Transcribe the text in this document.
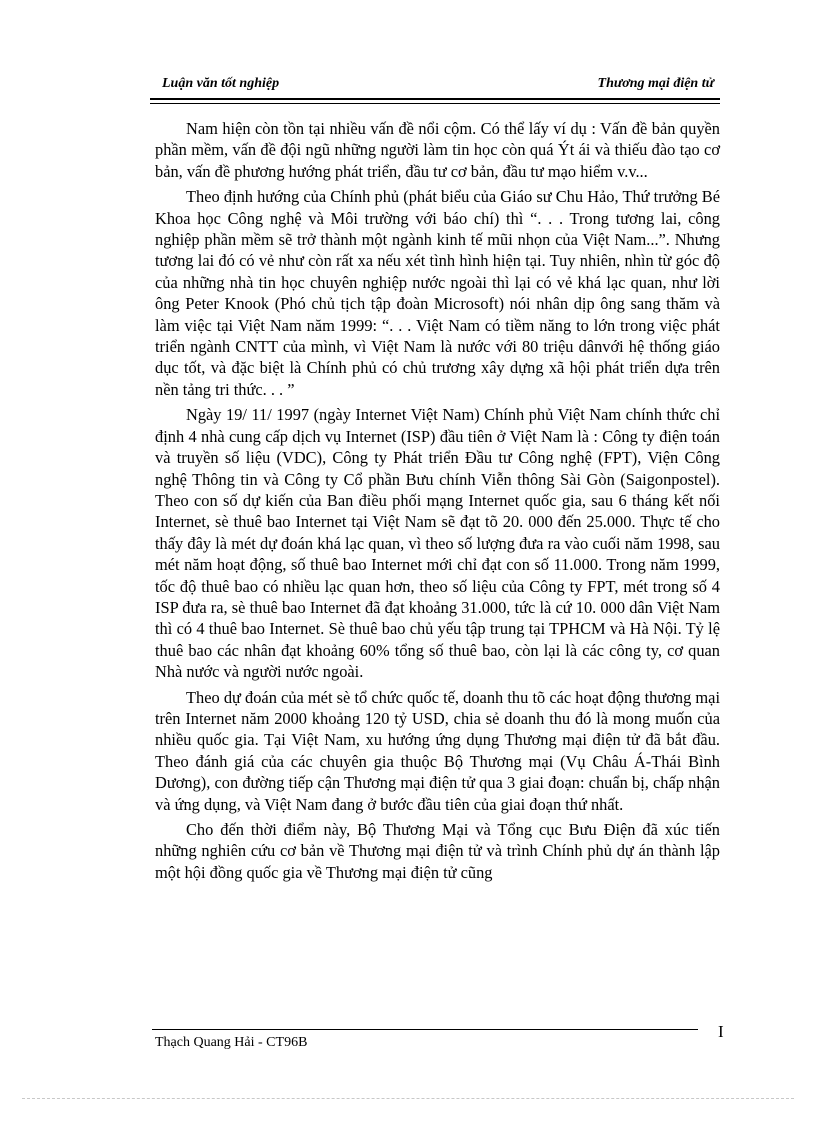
Luận văn tốt nghiệp	Thương mại điện tử

Nam hiện còn tồn tại nhiều vấn đề nổi cộm. Có thể lấy ví dụ : Vấn đề bản quyền phần mềm, vấn đề đội ngũ những người làm tin học còn quá Ýt ái và thiếu đào tạo cơ bản, vấn đề phương hướng phát triển, đầu tư cơ bản, đầu tư mạo hiểm v.v...

Theo định hướng của Chính phủ (phát biểu của Giáo sư Chu Hảo, Thứ trưởng Bé Khoa học Công nghệ và Môi trường với báo chí) thì “. . . Trong tương lai, công nghiệp phần mềm sẽ trở thành một ngành kinh tế mũi nhọn của Việt Nam...”. Nhưng tương lai đó có vẻ như còn rất xa nếu xét tình hình hiện tại. Tuy nhiên, nhìn từ góc độ của những nhà tin học chuyên nghiệp nước ngoài thì lại có vẻ khá lạc quan, như lời ông Peter Knook (Phó chủ tịch tập đoàn Microsoft) nói nhân dịp ông sang thăm và làm việc tại Việt Nam năm 1999: “. . . Việt Nam có tiềm năng to lớn trong việc phát triển ngành CNTT của mình, vì Việt Nam là nước với 80 triệu dânvới hệ thống giáo dục tốt, và đặc biệt là Chính phủ có chủ trương xây dựng xã hội phát triển dựa trên nền tảng tri thức. . . ”

Ngày 19/ 11/ 1997 (ngày Internet Việt Nam) Chính phủ Việt Nam chính thức chỉ định 4 nhà cung cấp dịch vụ Internet (ISP) đầu tiên ở Việt Nam là : Công ty điện toán và truyền số liệu (VDC), Công ty Phát triển Đầu tư Công nghệ (FPT), Viện Công nghệ Thông tin và Công ty Cổ phần Bưu chính Viễn thông Sài Gòn (Saigonpostel). Theo con số dự kiến của Ban điều phối mạng Internet quốc gia, sau 6 tháng kết nối Internet, sè thuê bao Internet tại Việt Nam sẽ đạt tõ 20. 000 đến 25.000. Thực tế cho thấy đây là mét dự đoán khá lạc quan, vì theo số lượng đưa ra vào cuối năm 1998, sau mét năm hoạt động, số thuê bao Internet mới chỉ đạt con số 11.000. Trong năm 1999, tốc độ thuê bao có nhiều lạc quan hơn, theo số liệu của Công ty FPT, mét trong số 4 ISP đưa ra, sè thuê bao Internet đã đạt khoảng 31.000, tức là cứ 10. 000 dân Việt Nam thì có 4 thuê bao Internet. Sè thuê bao chủ yếu tập trung tại TPHCM và Hà Nội. Tỷ lệ thuê bao các nhân đạt khoảng 60% tổng số thuê bao, còn lại là các công ty, cơ quan Nhà nước và người nước ngoài.

Theo dự đoán của mét sè tổ chức quốc tế, doanh thu tõ các hoạt động thương mại trên Internet năm 2000 khoảng 120 tỷ USD, chia sẻ doanh thu đó là mong muốn của nhiều quốc gia. Tại Việt Nam, xu hướng ứng dụng Thương mại điện tử đã bắt đầu. Theo đánh giá của các chuyên gia thuộc Bộ Thương mại (Vụ Châu Á-Thái Bình Dương), con đường tiếp cận Thương mại điện tử qua 3 giai đoạn: chuẩn bị, chấp nhận và ứng dụng, và Việt Nam đang ở bước đầu tiên của giai đoạn thứ nhất.

Cho đến thời điểm này, Bộ Thương Mại và Tổng cục Bưu Điện đã xúc tiến những nghiên cứu cơ bản về Thương mại điện tử và trình Chính phủ dự án thành lập một hội đồng quốc gia về Thương mại điện tử cũng

I
Thạch Quang Hải - CT96B
